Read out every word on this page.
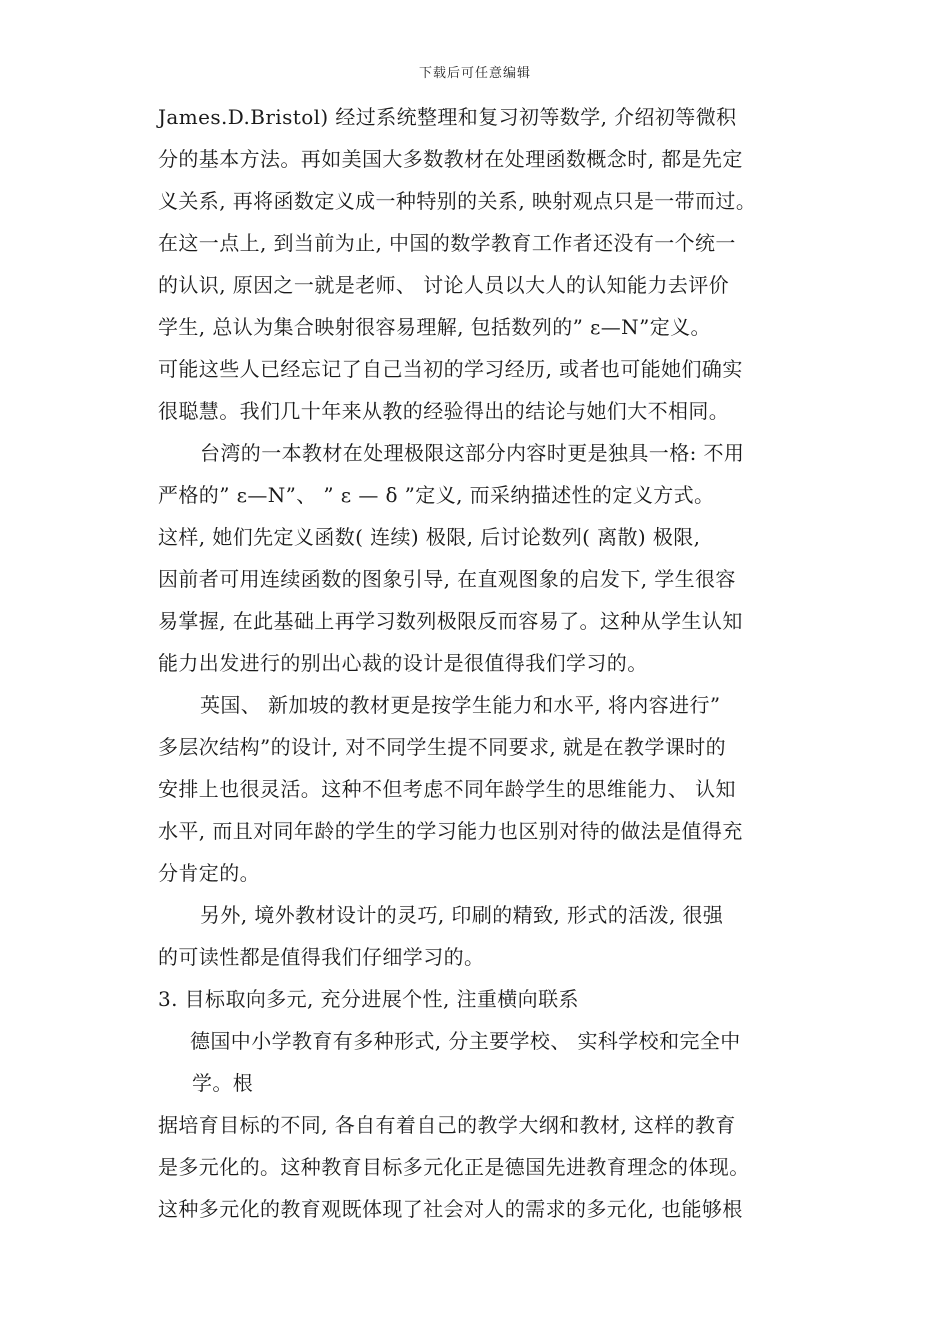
下载后可任意编辑
James.D.Bristol) 经过系统整理和复习初等数学, 介绍初等微积
分的基本方法。再如美国大多数教材在处理函数概念时, 都是先定
义关系, 再将函数定义成一种特别的关系, 映射观点只是一带而过。
在这一点上, 到当前为止, 中国的数学教育工作者还没有一个统一
的认识, 原因之一就是老师、 讨论人员以大人的认知能力去评价
学生, 总认为集合映射很容易理解, 包括数列的” ε—N”定义。
可能这些人已经忘记了自己当初的学习经历, 或者也可能她们确实
很聪慧。我们几十年来从教的经验得出的结论与她们大不相同。
台湾的一本教材在处理极限这部分内容时更是独具一格: 不用
严格的” ε—N”、 ” ε — δ ”定义, 而采纳描述性的定义方式。
这样, 她们先定义函数( 连续) 极限, 后讨论数列( 离散) 极限,
因前者可用连续函数的图象引导, 在直观图象的启发下, 学生很容
易掌握, 在此基础上再学习数列极限反而容易了。这种从学生认知
能力出发进行的别出心裁的设计是很值得我们学习的。
英国、 新加坡的教材更是按学生能力和水平, 将内容进行”
多层次结构”的设计, 对不同学生提不同要求, 就是在教学课时的
安排上也很灵活。这种不但考虑不同年龄学生的思维能力、 认知
水平, 而且对同年龄的学生的学习能力也区别对待的做法是值得充
分肯定的。
另外, 境外教材设计的灵巧, 印刷的精致, 形式的活泼, 很强
的可读性都是值得我们仔细学习的。
3. 目标取向多元, 充分进展个性, 注重横向联系
德国中小学教育有多种形式, 分主要学校、 实科学校和完全中
学。根
据培育目标的不同, 各自有着自己的教学大纲和教材, 这样的教育
是多元化的。这种教育目标多元化正是德国先进教育理念的体现。
这种多元化的教育观既体现了社会对人的需求的多元化, 也能够根
